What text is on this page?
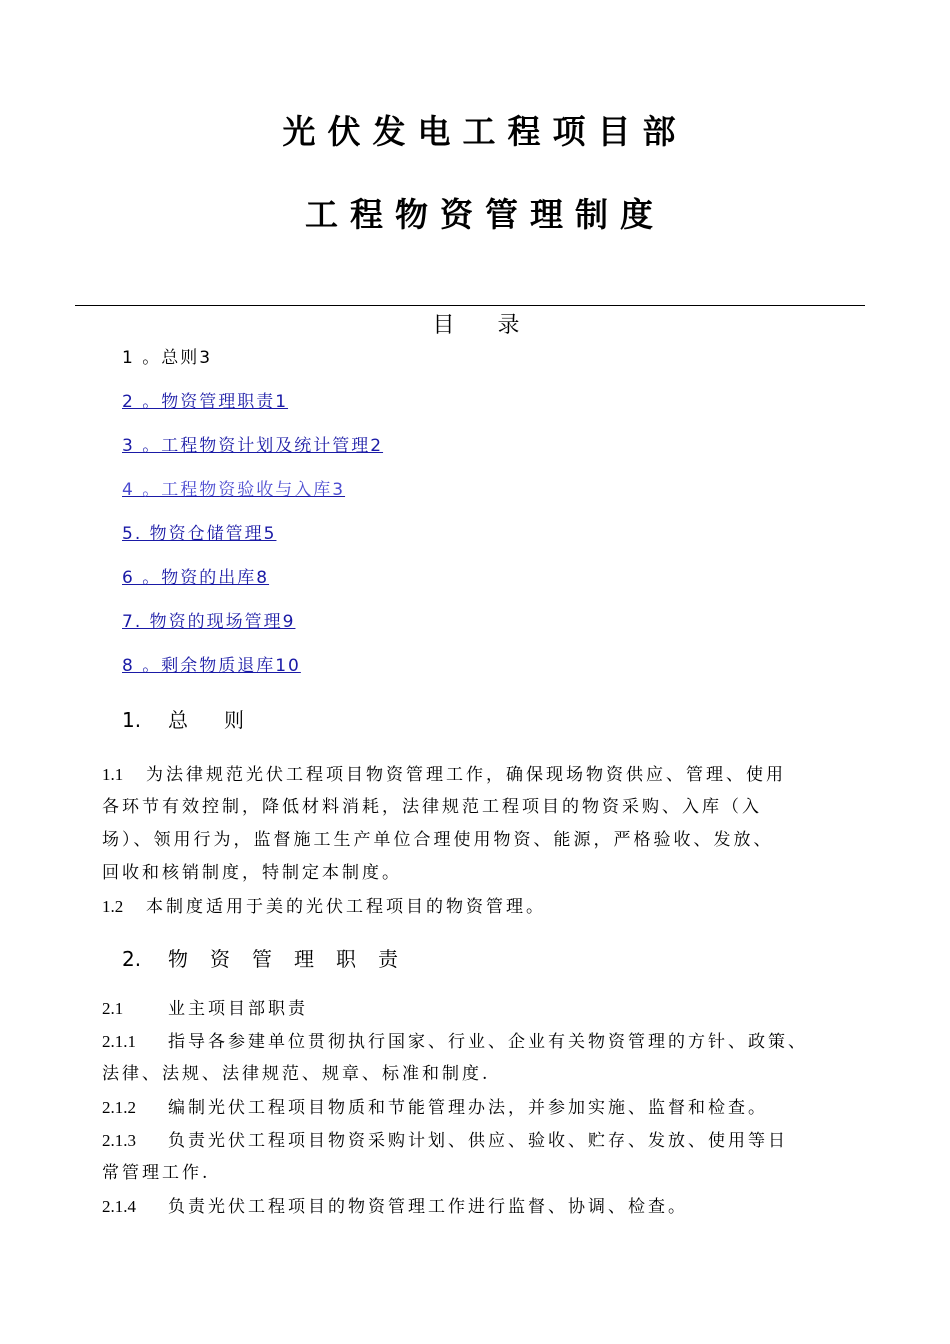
光伏发电工程项目部
工程物资管理制度
目 录
1 。总则3
2 。物资管理职责1
3 。工程物资计划及统计管理2
4 。工程物资验收与入库3
5. 物资仓储管理5
6 。物资的出库8
7. 物资的现场管理9
8 。剩余物质退库10
1. 总则
1.1 为法律规范光伏工程项目物资管理工作，确保现场物资供应、管理、使用
各环节有效控制，降低材料消耗，法律规范工程项目的物资采购、入库（入
场）、领用行为，监督施工生产单位合理使用物资、能源，严格验收、发放、
回收和核销制度，特制定本制度。
1.2 本制度适用于美的光伏工程项目的物资管理。
2. 物资管理职责
2.1	业主项目部职责
2.1.1 指导各参建单位贯彻执行国家、行业、企业有关物资管理的方针、政策、
法律、法规、法律规范、规章、标准和制度.
2.1.2 编制光伏工程项目物质和节能管理办法，并参加实施、监督和检查。
2.1.3 负责光伏工程项目物资采购计划、供应、验收、贮存、发放、使用等日
常管理工作.
2.1.4 负责光伏工程项目的物资管理工作进行监督、协调、检查。
